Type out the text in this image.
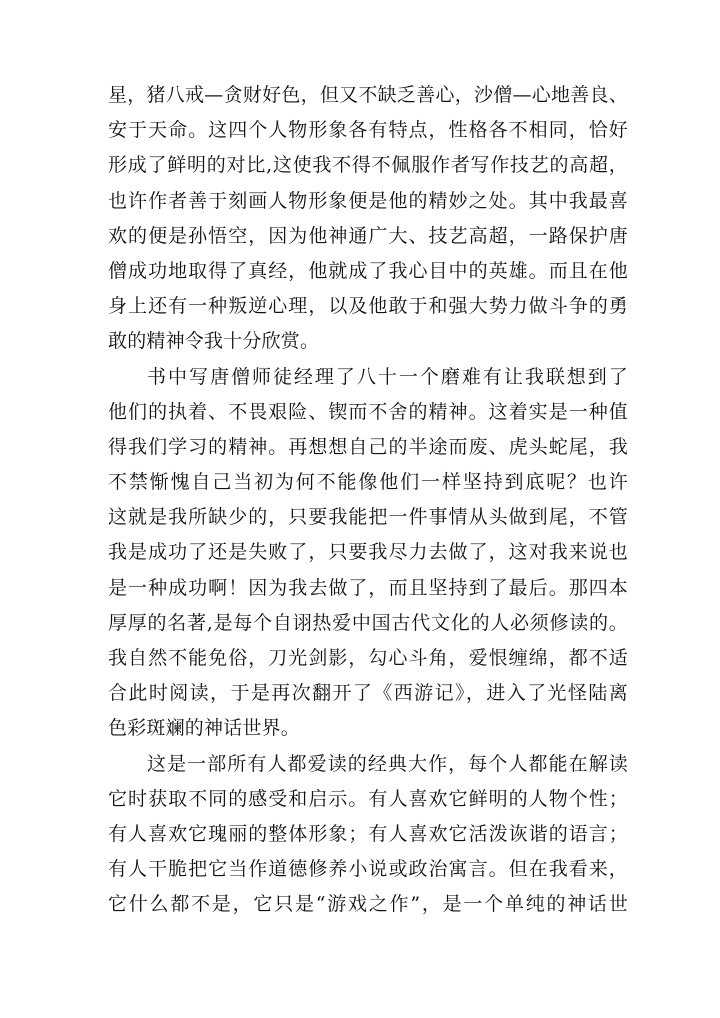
星，猪八戒—贪财好色，但又不缺乏善心，沙僧—心地善良、
安于天命。这四个人物形象各有特点，性格各不相同，恰好
形成了鲜明的对比,这使我不得不佩服作者写作技艺的高超，
也许作者善于刻画人物形象便是他的精妙之处。其中我最喜
欢的便是孙悟空，因为他神通广大、技艺高超，一路保护唐
僧成功地取得了真经，他就成了我心目中的英雄。而且在他
身上还有一种叛逆心理，以及他敢于和强大势力做斗争的勇
敢的精神令我十分欣赏。
书中写唐僧师徒经理了八十一个磨难有让我联想到了
他们的执着、不畏艰险、锲而不舍的精神。这着实是一种值
得我们学习的精神。再想想自己的半途而废、虎头蛇尾，我
不禁惭愧自己当初为何不能像他们一样坚持到底呢？也许
这就是我所缺少的，只要我能把一件事情从头做到尾，不管
我是成功了还是失败了，只要我尽力去做了，这对我来说也
是一种成功啊！因为我去做了，而且坚持到了最后。那四本
厚厚的名著,是每个自诩热爱中国古代文化的人必须修读的。
我自然不能免俗，刀光剑影，勾心斗角，爱恨缠绵，都不适
合此时阅读，于是再次翻开了《西游记》，进入了光怪陆离
色彩斑斓的神话世界。
这是一部所有人都爱读的经典大作，每个人都能在解读
它时获取不同的感受和启示。有人喜欢它鲜明的人物个性；
有人喜欢它瑰丽的整体形象；有人喜欢它活泼诙谐的语言；
有人干脆把它当作道德修养小说或政治寓言。但在我看来，
它什么都不是，它只是“游戏之作”，是一个单纯的神话世
